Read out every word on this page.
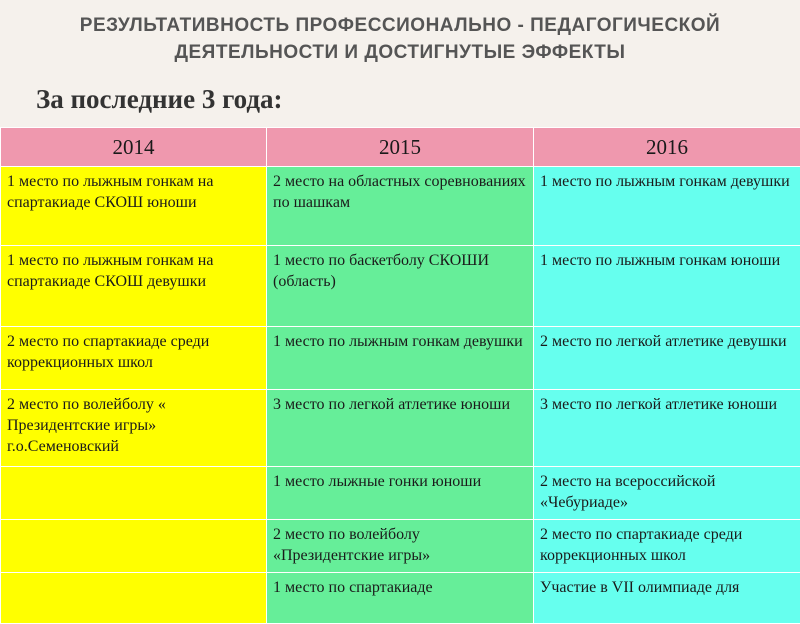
РЕЗУЛЬТАТИВНОСТЬ ПРОФЕССИОНАЛЬНО - ПЕДАГОГИЧЕСКОЙ
ДЕЯТЕЛЬНОСТИ И ДОСТИГНУТЫЕ ЭФФЕКТЫ
За последние 3 года:
2014	2015	2016
1 место по лыжным гонкам на спартакиаде СКОШ юноши	2 место на областных соревнованиях по шашкам	1 место по лыжным гонкам девушки
1 место по лыжным гонкам на спартакиаде СКОШ девушки	1 место по баскетболу СКОШИ (область)	1 место по лыжным гонкам юноши
2 место по спартакиаде среди коррекционных школ	1 место по лыжным гонкам девушки	2 место по легкой атлетике девушки
2 место по волейболу « Президентские игры» г.о.Семеновский	3 место по легкой атлетике юноши	3 место по легкой атлетике юноши
	1 место лыжные гонки юноши	2 место на всероссийской «Чебуриаде»
	2 место по волейболу «Президентские игры»	2 место по спартакиаде среди коррекционных школ
	1 место по спартакиаде	Участие в VII олимпиаде для
